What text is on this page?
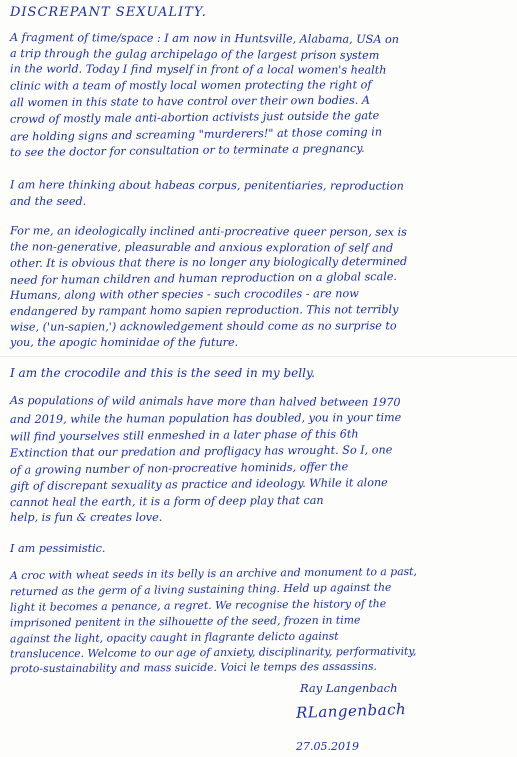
DISCREPANT SEXUALITY.
A fragment of time/space : I am now in Huntsville, Alabama, USA on
a trip through the gulag archipelago of the largest prison system
in the world. Today I find myself in front of a local women's health
clinic with a team of mostly local women protecting the right of
all women in this state to have control over their own bodies. A
crowd of mostly male anti-abortion activists just outside the gate
are holding signs and screaming "murderers!" at those coming in
to see the doctor for consultation or to terminate a pregnancy.
I am here thinking about habeas corpus, penitentiaries, reproduction
and the seed.
For me, an ideologically inclined anti-procreative queer person, sex is
the non-generative, pleasurable and anxious exploration of self and
other. It is obvious that there is no longer any biologically determined
need for human children and human reproduction on a global scale.
Humans, along with other species - such crocodiles - are now
endangered by rampant homo sapien reproduction. This not terribly
wise, ('un-sapien,') acknowledgement should come as no surprise to
you, the apogic hominidae of the future.
I am the crocodile and this is the seed in my belly.
As populations of wild animals have more than halved between 1970
and 2019, while the human population has doubled, you in your time
will find yourselves still enmeshed in a later phase of this 6th
Extinction that our predation and profligacy has wrought. So I, one
of a growing number of non-procreative hominids, offer the
gift of discrepant sexuality as practice and ideology. While it alone
cannot heal the earth, it is a form of deep play that can
help, is fun & creates love.
I am pessimistic.
A croc with wheat seeds in its belly is an archive and monument to a past,
returned as the germ of a living sustaining thing. Held up against the
light it becomes a penance, a regret. We recognise the history of the
imprisoned penitent in the silhouette of the seed, frozen in time
against the light, opacity caught in flagrante delicto against
translucence. Welcome to our age of anxiety, disciplinarity, performativity,
proto-sustainability and mass suicide. Voici le temps des assassins.
Ray Langenbach
27.05.2019
RLangenbach
